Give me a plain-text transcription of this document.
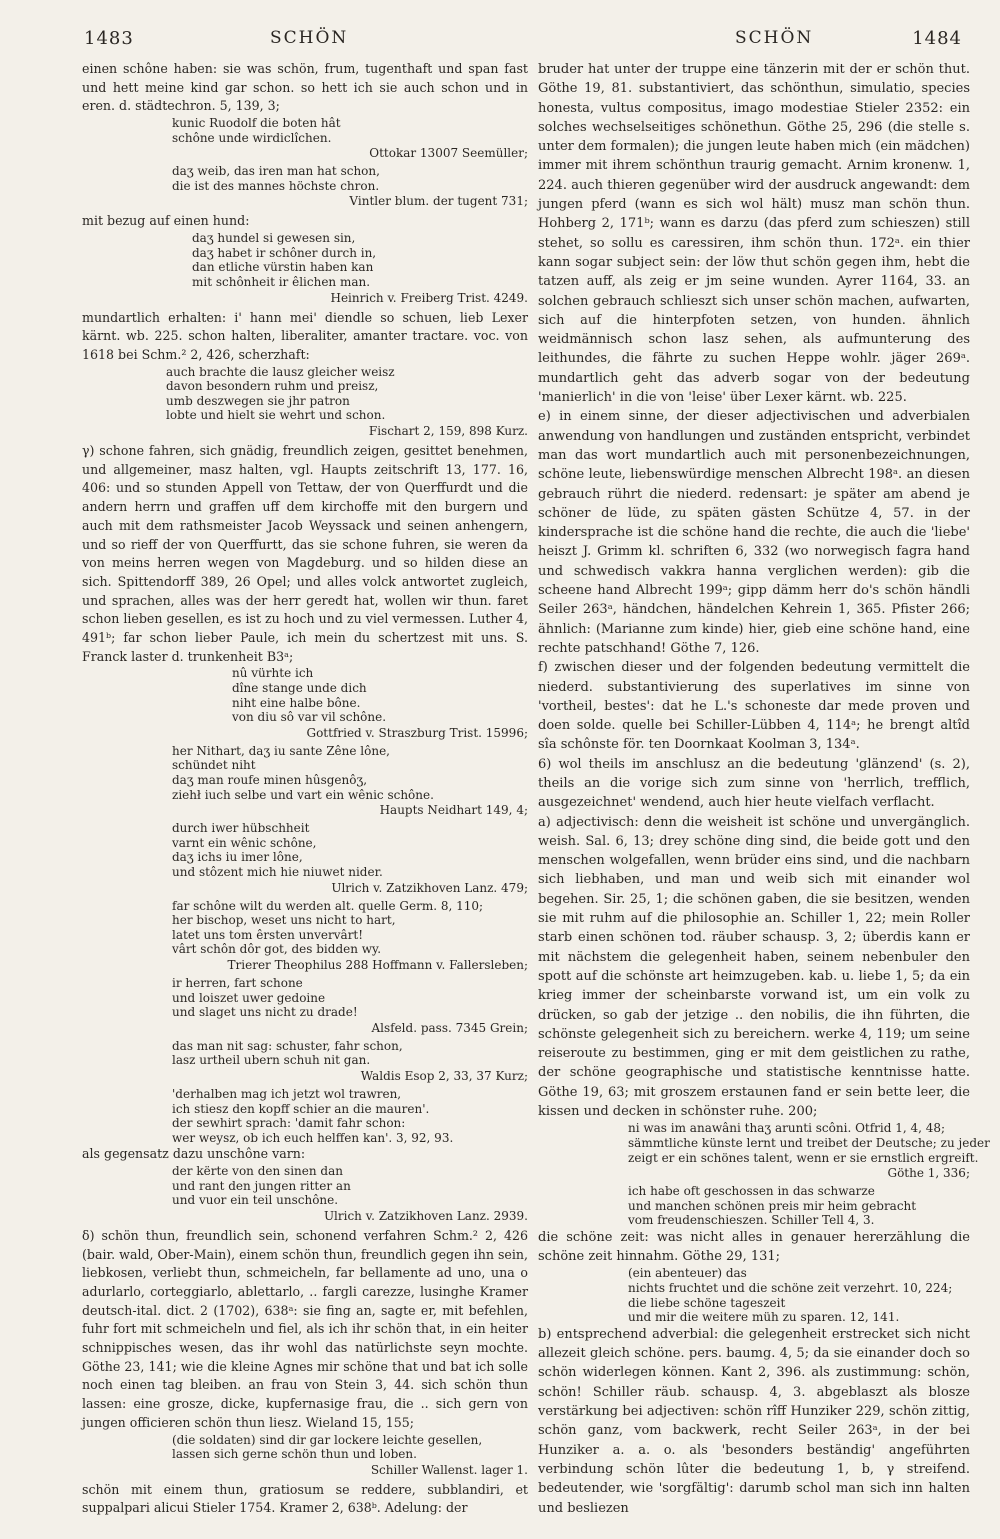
1483	SCHÖN	SCHÖN	1484

einen schône haben: sie was schön, frum, tugenthaft und span fast und hett meine kind gar schon. so hett ich sie auch schon und in eren. d. städtechron. 5, 139, 3;

kunic Ruodolf die boten hât
schône unde wirdiclîchen.
Ottokar 13007 Seemüller;
daʒ weib, das iren man hat schon,
die ist des mannes höchste chron.
Vintler blum. der tugent 731;

mit bezug auf einen hund:

daʒ hundel si gewesen sin,
daʒ habet ir schôner durch in,
dan etliche vürstin haben kan
mit schônheit ir êlichen man.
Heinrich v. Freiberg Trist. 4249.

mundartlich erhalten: i' hann mei' diendle so schuen, lieb Lexer kärnt. wb. 225. schon halten, liberaliter, amanter tractare. voc. von 1618 bei Schm.² 2, 426, scherzhaft:

auch brachte die lausz gleicher weisz
davon besondern ruhm und preisz,
umb deszwegen sie jhr patron
lobte und hielt sie wehrt und schon.
Fischart 2, 159, 898 Kurz.

γ) schone fahren, sich gnädig, freundlich zeigen, gesittet benehmen, und allgemeiner, masz halten, vgl. Haupts zeitschrift 13, 177. 16, 406: und so stunden Appell von Tettaw, der von Querffurdt und die andern herrn und graffen uff dem kirchoffe mit den burgern und auch mit dem rathsmeister Jacob Weyssack und seinen anhengern, und so rieff der von Querffurtt, das sie schone fuhren, sie weren da von meins herren wegen von Magdeburg. und so hilden diese an sich. Spittendorff 389, 26 Opel; und alles volck antwortet zugleich, und sprachen, alles was der herr geredt hat, wollen wir thun. faret schon lieben gesellen, es ist zu hoch und zu viel vermessen. Luther 4, 491ᵇ; far schon lieber Paule, ich mein du schertzest mit uns. S. Franck laster d. trunkenheit B3ᵃ;

nû vürhte ich
dîne stange unde dich
niht eine halbe bône.
von diu sô var vil schône.
Gottfried v. Straszburg Trist. 15996;
her Nithart, daʒ iu sante Zêne lône,
schündet niht
daʒ man roufe minen hûsgenôʒ,
ziehł iuch selbe und vart ein wênic schône.
Haupts Neidhart 149, 4;
durch iwer hübschheit
varnt ein wênic schône,
daʒ ichs iu imer lône,
und stôzent mich hie niuwet nider.
Ulrich v. Zatzikhoven Lanz. 479;
far schône wilt du werden alt. quelle Germ. 8, 110;
her bischop, weset uns nicht to hart,
latet uns tom êrsten unvervârt!
vârt schôn dôr got, des bidden wy.
Trierer Theophilus 288 Hoffmann v. Fallersleben;
ir herren, fart schone
und loiszet uwer gedoine
und slaget uns nicht zu drade!
Alsfeld. pass. 7345 Grein;
das man nit sag: schuster, fahr schon,
lasz urtheil ubern schuh nit gan.
Waldis Esop 2, 33, 37 Kurz;
'derhalben mag ich jetzt wol trawren,
ich stiesz den kopff schier an die mauren'.
der sewhirt sprach: 'damit fahr schon:
wer weysz, ob ich euch helffen kan'. 3, 92, 93.

als gegensatz dazu unschône varn:

der kërte von den sinen dan
und rant den jungen ritter an
und vuor ein teil unschône.
Ulrich v. Zatzikhoven Lanz. 2939.

δ) schön thun, freundlich sein, schonend verfahren Schm.² 2, 426 (bair. wald, Ober-Main), einem schön thun, freundlich gegen ihn sein, liebkosen, verliebt thun, schmeicheln, far bellamente ad uno, una o adurlarlo, corteggiarlo, ablettarlo, .. fargli carezze, lusinghe Kramer deutsch-ital. dict. 2 (1702), 638ᵃ: sie fing an, sagte er, mit befehlen, fuhr fort mit schmeicheln und fiel, als ich ihr schön that, in ein heiter schnippisches wesen, das ihr wohl das natürlichste seyn mochte. Göthe 23, 141; wie die kleine Agnes mir schöne that und bat ich solle noch einen tag bleiben. an frau von Stein 3, 44. sich schön thun lassen: eine grosze, dicke, kupfernasige frau, die .. sich gern von jungen officieren schön thun liesz. Wieland 15, 155;

(die soldaten) sind dir gar lockere leichte gesellen,
lassen sich gerne schön thun und loben.
Schiller Wallenst. lager 1.

schön mit einem thun, gratiosum se reddere, subblandiri, et suppalpari alicui Stieler 1754. Kramer 2, 638ᵇ. Adelung: der

bruder hat unter der truppe eine tänzerin mit der er schön thut. Göthe 19, 81. substantiviert, das schönthun, simulatio, species honesta, vultus compositus, imago modestiae Stieler 2352: ein solches wechselseitiges schönethun. Göthe 25, 296 (die stelle s. unter dem formalen); die jungen leute haben mich (ein mädchen) immer mit ihrem schönthun traurig gemacht. Arnim kronenw. 1, 224. auch thieren gegenüber wird der ausdruck angewandt: dem jungen pferd (wann es sich wol hält) musz man schön thun. Hohberg 2, 171ᵇ; wann es darzu (das pferd zum schieszen) still stehet, so sollu es caressiren, ihm schön thun. 172ᵃ. ein thier kann sogar subject sein: der löw thut schön gegen ihm, hebt die tatzen auff, als zeig er jm seine wunden. Ayrer 1164, 33. an solchen gebrauch schlieszt sich unser schön machen, aufwarten, sich auf die hinterpfoten setzen, von hunden. ähnlich weidmännisch schon lasz sehen, als aufmunterung des leithundes, die fährte zu suchen Heppe wohlr. jäger 269ᵃ. mundartlich geht das adverb sogar von der bedeutung 'manierlich' in die von 'leise' über Lexer kärnt. wb. 225.

e) in einem sinne, der dieser adjectivischen und adverbialen anwendung von handlungen und zuständen entspricht, verbindet man das wort mundartlich auch mit personenbezeichnungen, schöne leute, liebenswürdige menschen Albrecht 198ᵃ. an diesen gebrauch rührt die niederd. redensart: je später am abend je schöner de lüde, zu späten gästen Schütze 4, 57. in der kindersprache ist die schöne hand die rechte, die auch die 'liebe' heiszt J. Grimm kl. schriften 6, 332 (wo norwegisch fagra hand und schwedisch vakkra hanna verglichen werden): gib die scheene hand Albrecht 199ᵃ; gipp dämm herr do's schön händli Seiler 263ᵃ, händchen, händelchen Kehrein 1, 365. Pfister 266; ähnlich: (Marianne zum kinde) hier, gieb eine schöne hand, eine rechte patschhand! Göthe 7, 126.

f) zwischen dieser und der folgenden bedeutung vermittelt die niederd. substantivierung des superlatives im sinne von 'vortheil, bestes': dat he L.'s schoneste dar mede proven und doen solde. quelle bei Schiller-Lübben 4, 114ᵃ; he brengt altîd sîa schônste för. ten Doornkaat Koolman 3, 134ᵃ.

6) wol theils im anschlusz an die bedeutung 'glänzend' (s. 2), theils an die vorige sich zum sinne von 'herrlich, trefflich, ausgezeichnet' wendend, auch hier heute vielfach verflacht.

a) adjectivisch: denn die weisheit ist schöne und unvergänglich. weish. Sal. 6, 13; drey schöne ding sind, die beide gott und den menschen wolgefallen, wenn brüder eins sind, und die nachbarn sich liebhaben, und man und weib sich mit einander wol begehen. Sir. 25, 1; die schönen gaben, die sie besitzen, wenden sie mit ruhm auf die philosophie an. Schiller 1, 22; mein Roller starb einen schönen tod. räuber schausp. 3, 2; überdis kann er mit nächstem die gelegenheit haben, seinem nebenbuler den spott auf die schönste art heimzugeben. kab. u. liebe 1, 5; da ein krieg immer der scheinbarste vorwand ist, um ein volk zu drücken, so gab der jetzige .. den nobilis, die ihn führten, die schönste gelegenheit sich zu bereichern. werke 4, 119; um seine reiseroute zu bestimmen, ging er mit dem geistlichen zu rathe, der schöne geographische und statistische kenntnisse hatte. Göthe 19, 63; mit groszem erstaunen fand er sein bette leer, die kissen und decken in schönster ruhe. 200;

ni was im anawâni thaʒ arunti scôni. Otfrid 1, 4, 48;
sämmtliche künste lernt und treibet der Deutsche; zu jeder
zeigt er ein schönes talent, wenn er sie ernstlich ergreift.
Göthe 1, 336;
ich habe oft geschossen in das schwarze
und manchen schönen preis mir heim gebracht
vom freudenschieszen. Schiller Tell 4, 3.

die schöne zeit: was nicht alles in genauer hererzählung die schöne zeit hinnahm. Göthe 29, 131;

(ein abenteuer) das
nichts fruchtet und die schöne zeit verzehrt. 10, 224;
die liebe schöne tageszeit
und mir die weitere müh zu sparen. 12, 141.

b) entsprechend adverbial: die gelegenheit erstrecket sich nicht allezeit gleich schöne. pers. baumg. 4, 5; da sie einander doch so schön widerlegen können. Kant 2, 396. als zustimmung: schön, schön! Schiller räub. schausp. 4, 3. abgeblaszt als blosze verstärkung bei adjectiven: schön rîff Hunziker 229, schön zittig, schön ganz, vom backwerk, recht Seiler 263ᵃ, in der bei Hunziker a. a. o. als 'besonders beständig' angeführten verbindung schön lûter die bedeutung 1, b, γ streifend. bedeutender, wie 'sorgfältig': darumb schol man sich inn halten und besliezen
